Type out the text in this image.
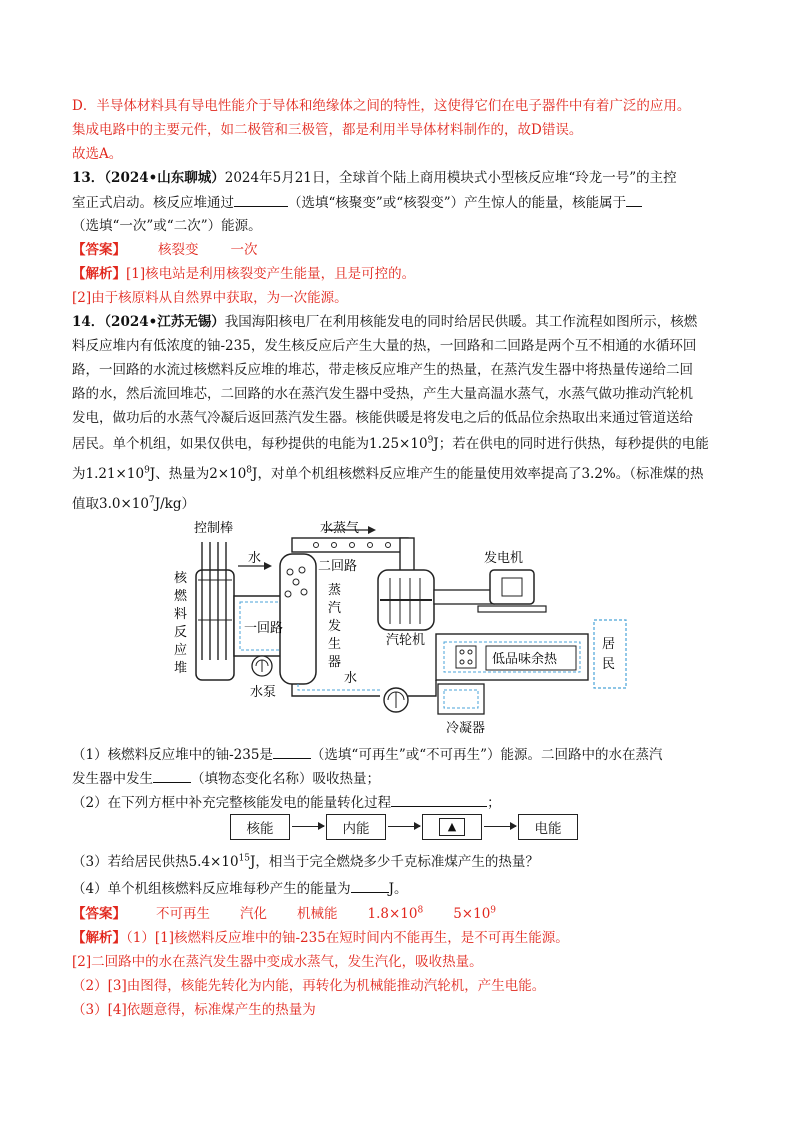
D．半导体材料具有导电性能介于导体和绝缘体之间的特性，这使得它们在电子器件中有着广泛的应用。
集成电路中的主要元件，如二极管和三极管，都是利用半导体材料制作的，故D错误。
故选A。
13．（2024•山东聊城）2024年5月21日，全球首个陆上商用模块式小型核反应堆“玲龙一号”的主控
室正式启动。核反应堆通过	（选填“核聚变”或“核裂变”）产生惊人的能量，核能属于
（选填“一次”或“二次”）能源。
【答案】 核裂变 一次
【解析】[1]核电站是利用核裂变产生能量，且是可控的。
[2]由于核原料从自然界中获取，为一次能源。
14．（2024•江苏无锡）我国海阳核电厂在利用核能发电的同时给居民供暖。其工作流程如图所示，核燃
料反应堆内有低浓度的铀-235，发生核反应后产生大量的热，一回路和二回路是两个互不相通的水循环回
路，一回路的水流过核燃料反应堆的堆芯，带走核反应堆产生的热量，在蒸汽发生器中将热量传递给二回
路的水，然后流回堆芯，二回路的水在蒸汽发生器中受热，产生大量高温水蒸气，水蒸气做功推动汽轮机
发电，做功后的水蒸气冷凝后返回蒸汽发生器。核能供暖是将发电之后的低品位余热取出来通过管道送给
居民。单个机组，如果仅供电，每秒提供的电能为$1.25\times 10^9J$；若在供电的同时进行供热，每秒提供的电能
为$1.21\times 10^9J$、热量为$2\times 10^8J$，对单个机组核燃料反应堆产生的能量使用效率提高了3.2%。（标准煤的热
值取$3.0\times 10^7J/kg$）
水蒸气
控制棒
水
二回路
核
燃
料
反
应
堆
一回路
蒸
汽
发
生
器
水泵
水
汽轮机
发电机
低品味余热
居
民
冷凝器
（1）核燃料反应堆中的铀-235是	（选填“可再生”或“不可再生”）能源。二回路中的水在蒸汽
发生器中发生	（填物态变化名称）吸收热量；
（2）在下列方框中补充完整核能发电的能量转化过程	；
核能	内能	▲	电能
（3）若给居民供热$5.4\times 10^{15}J$，相当于完全燃烧多少千克标准煤产生的热量？
（4）单个机组核燃料反应堆每秒产生的能量为	J。
【答案】 不可再生 汽化 机械能 $1.8\times 10^8$ $5\times 10^9$
【解析】（1）[1]核燃料反应堆中的铀-235在短时间内不能再生，是不可再生能源。
[2]二回路中的水在蒸汽发生器中变成水蒸气，发生汽化，吸收热量。
（2）[3]由图得，核能先转化为内能，再转化为机械能推动汽轮机，产生电能。
（3）[4]依题意得，标准煤产生的热量为
